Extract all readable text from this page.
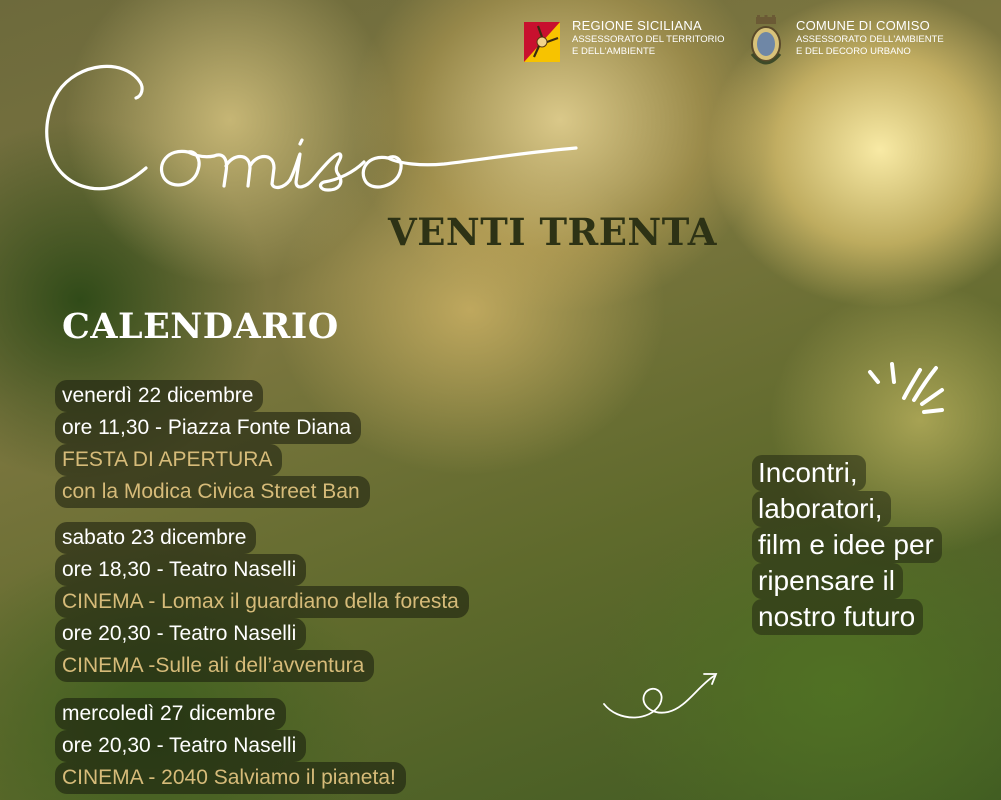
REGIONE SICILIANA
ASSESSORATO DEL TERRITORIO
E DELL'AMBIENTE
COMUNE DI COMISO
ASSESSORATO DELL'AMBIENTE
E DEL DECORO URBANO
VENTI TRENTA
CALENDARIO
venerdì 22 dicembre
ore 11,30 - Piazza Fonte Diana
FESTA DI APERTURA
con la Modica Civica Street Ban
sabato 23 dicembre
ore 18,30 - Teatro Naselli
CINEMA - Lomax il guardiano della foresta
ore 20,30 - Teatro Naselli
CINEMA -Sulle ali dell’avventura
mercoledì 27 dicembre
ore 20,30 - Teatro Naselli
CINEMA - 2040 Salviamo il pianeta!
Incontri, laboratori, film e idee per ripensare il nostro futuro
